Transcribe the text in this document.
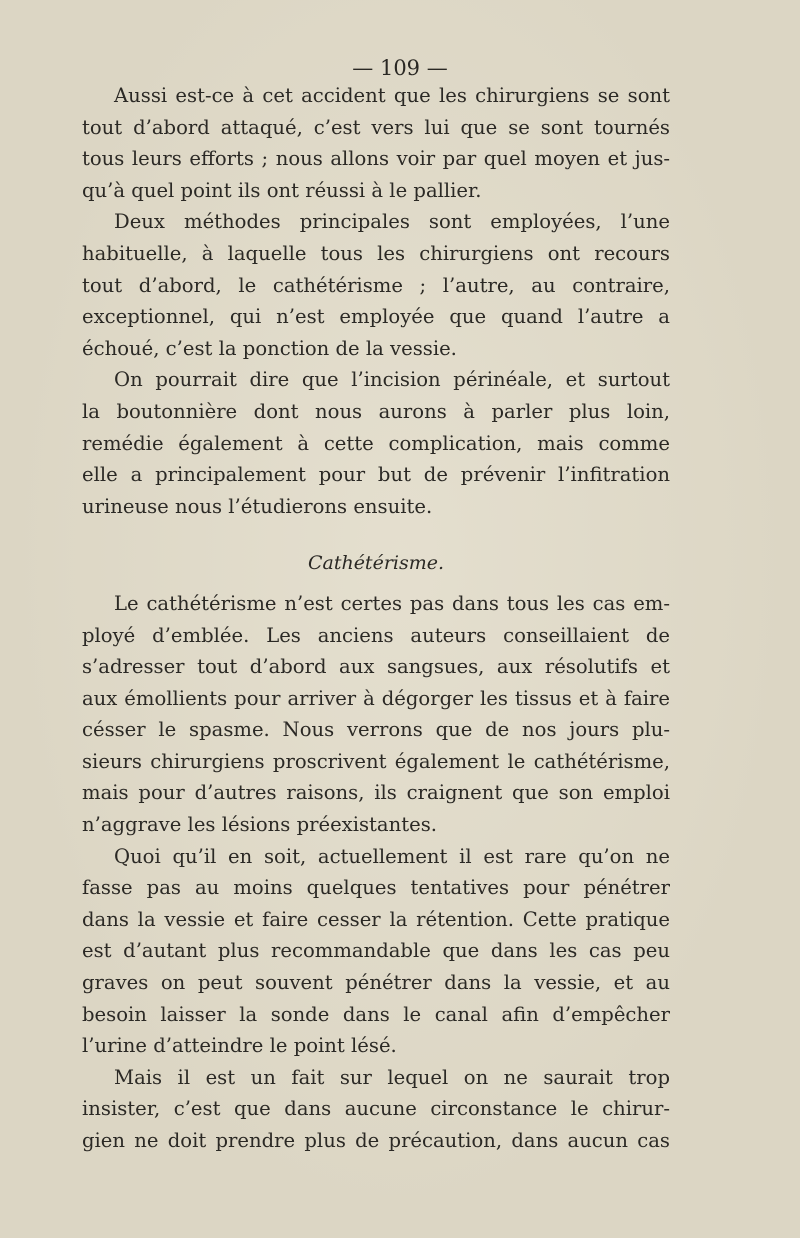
— 109 —
Aussi est-ce à cet accident que les chirurgiens se sont
tout d’abord attaqué, c’est vers lui que se sont tournés
tous leurs efforts ; nous allons voir par quel moyen et jus-
qu’à quel point ils ont réussi à le pallier.
Deux méthodes principales sont employées, l’une
habituelle, à laquelle tous les chirurgiens ont recours
tout d’abord, le cathétérisme ; l’autre, au contraire,
exceptionnel, qui n’est employée que quand l’autre a
échoué, c’est la ponction de la vessie.
On pourrait dire que l’incision périnéale, et surtout
la boutonnière dont nous aurons à parler plus loin,
remédie également à cette complication, mais comme
elle a principalement pour but de prévenir l’infitration
urineuse nous l’étudierons ensuite.
Cathétérisme.
Le cathétérisme n’est certes pas dans tous les cas em-
ployé d’emblée. Les anciens auteurs conseillaient de
s’adresser tout d’abord aux sangsues, aux résolutifs et
aux émollients pour arriver à dégorger les tissus et à faire
césser le spasme. Nous verrons que de nos jours plu-
sieurs chirurgiens proscrivent également le cathétérisme,
mais pour d’autres raisons, ils craignent que son emploi
n’aggrave les lésions préexistantes.
Quoi qu’il en soit, actuellement il est rare qu’on ne
fasse pas au moins quelques tentatives pour pénétrer
dans la vessie et faire cesser la rétention. Cette pratique
est d’autant plus recommandable que dans les cas peu
graves on peut souvent pénétrer dans la vessie, et au
besoin laisser la sonde dans le canal afin d’empêcher
l’urine d’atteindre le point lésé.
Mais il est un fait sur lequel on ne saurait trop
insister, c’est que dans aucune circonstance le chirur-
gien ne doit prendre plus de précaution, dans aucun cas
